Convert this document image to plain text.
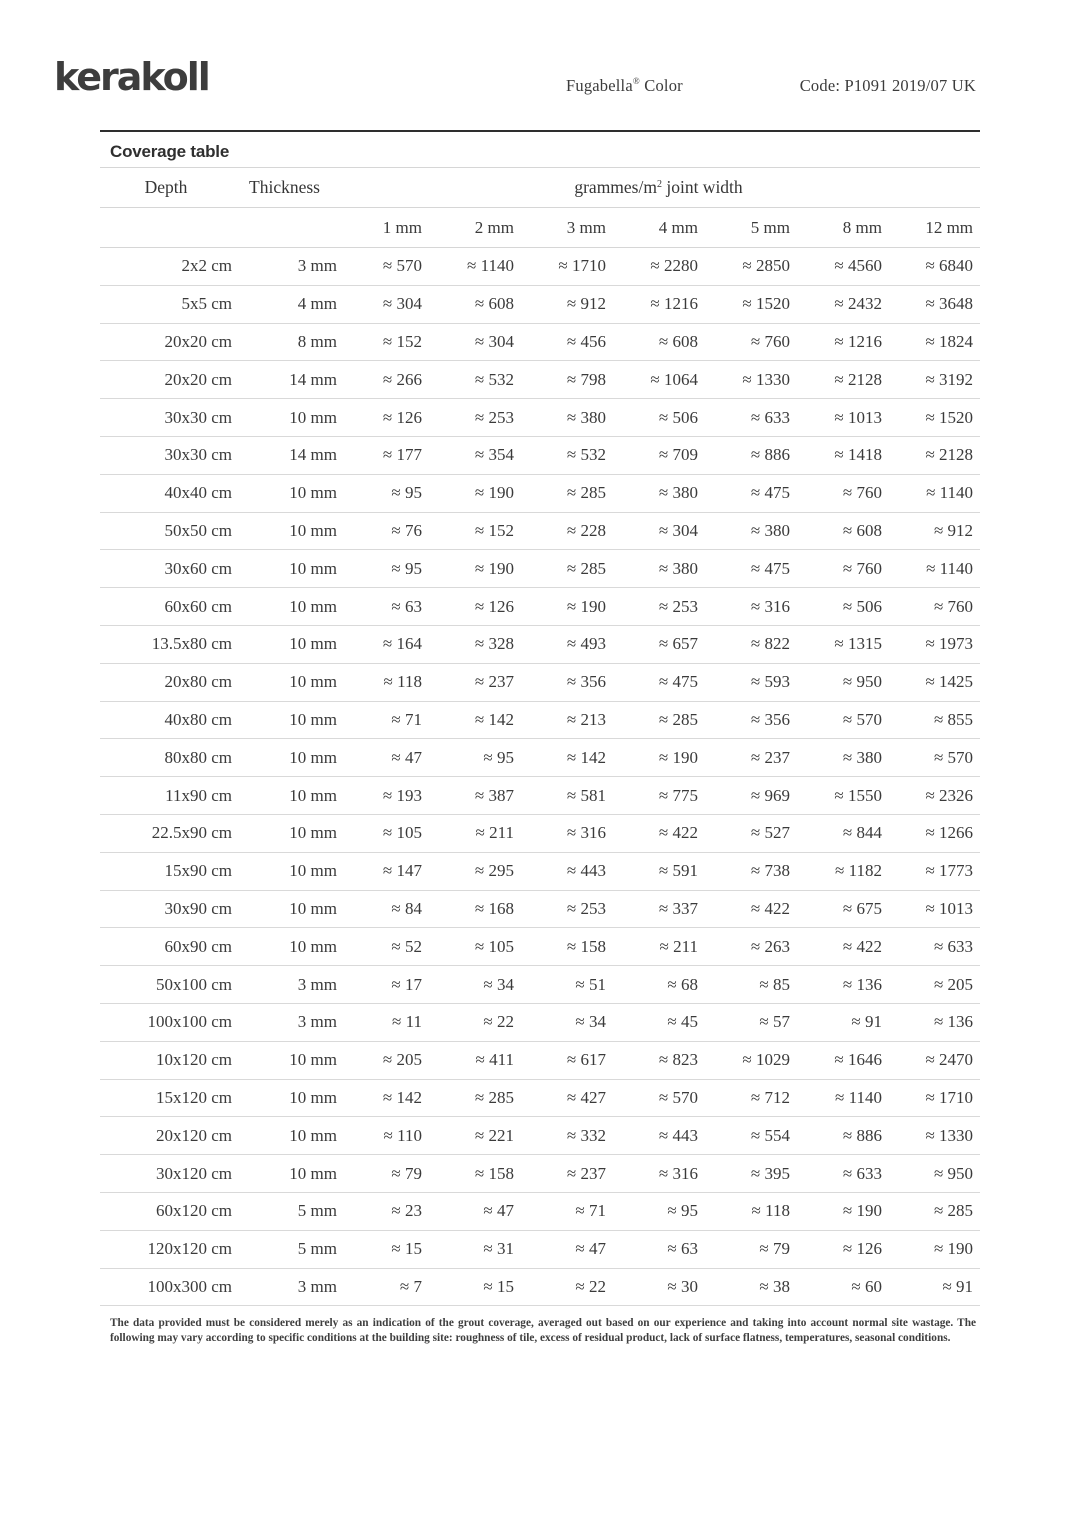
kerakoll	Fugabella® Color	Code: P1091 2019/07 UK
Coverage table
Depth	Thickness	grammes/$m^2$ joint width						
		1 mm	2 mm	3 mm	4 mm	5 mm	8 mm	12 mm
2x2 cm	3 mm	≈ 570	≈ 1140	≈ 1710	≈ 2280	≈ 2850	≈ 4560	≈ 6840
5x5 cm	4 mm	≈ 304	≈ 608	≈ 912	≈ 1216	≈ 1520	≈ 2432	≈ 3648
20x20 cm	8 mm	≈ 152	≈ 304	≈ 456	≈ 608	≈ 760	≈ 1216	≈ 1824
20x20 cm	14 mm	≈ 266	≈ 532	≈ 798	≈ 1064	≈ 1330	≈ 2128	≈ 3192
30x30 cm	10 mm	≈ 126	≈ 253	≈ 380	≈ 506	≈ 633	≈ 1013	≈ 1520
30x30 cm	14 mm	≈ 177	≈ 354	≈ 532	≈ 709	≈ 886	≈ 1418	≈ 2128
40x40 cm	10 mm	≈ 95	≈ 190	≈ 285	≈ 380	≈ 475	≈ 760	≈ 1140
50x50 cm	10 mm	≈ 76	≈ 152	≈ 228	≈ 304	≈ 380	≈ 608	≈ 912
30x60 cm	10 mm	≈ 95	≈ 190	≈ 285	≈ 380	≈ 475	≈ 760	≈ 1140
60x60 cm	10 mm	≈ 63	≈ 126	≈ 190	≈ 253	≈ 316	≈ 506	≈ 760
13.5x80 cm	10 mm	≈ 164	≈ 328	≈ 493	≈ 657	≈ 822	≈ 1315	≈ 1973
20x80 cm	10 mm	≈ 118	≈ 237	≈ 356	≈ 475	≈ 593	≈ 950	≈ 1425
40x80 cm	10 mm	≈ 71	≈ 142	≈ 213	≈ 285	≈ 356	≈ 570	≈ 855
80x80 cm	10 mm	≈ 47	≈ 95	≈ 142	≈ 190	≈ 237	≈ 380	≈ 570
11x90 cm	10 mm	≈ 193	≈ 387	≈ 581	≈ 775	≈ 969	≈ 1550	≈ 2326
22.5x90 cm	10 mm	≈ 105	≈ 211	≈ 316	≈ 422	≈ 527	≈ 844	≈ 1266
15x90 cm	10 mm	≈ 147	≈ 295	≈ 443	≈ 591	≈ 738	≈ 1182	≈ 1773
30x90 cm	10 mm	≈ 84	≈ 168	≈ 253	≈ 337	≈ 422	≈ 675	≈ 1013
60x90 cm	10 mm	≈ 52	≈ 105	≈ 158	≈ 211	≈ 263	≈ 422	≈ 633
50x100 cm	3 mm	≈ 17	≈ 34	≈ 51	≈ 68	≈ 85	≈ 136	≈ 205
100x100 cm	3 mm	≈ 11	≈ 22	≈ 34	≈ 45	≈ 57	≈ 91	≈ 136
10x120 cm	10 mm	≈ 205	≈ 411	≈ 617	≈ 823	≈ 1029	≈ 1646	≈ 2470
15x120 cm	10 mm	≈ 142	≈ 285	≈ 427	≈ 570	≈ 712	≈ 1140	≈ 1710
20x120 cm	10 mm	≈ 110	≈ 221	≈ 332	≈ 443	≈ 554	≈ 886	≈ 1330
30x120 cm	10 mm	≈ 79	≈ 158	≈ 237	≈ 316	≈ 395	≈ 633	≈ 950
60x120 cm	5 mm	≈ 23	≈ 47	≈ 71	≈ 95	≈ 118	≈ 190	≈ 285
120x120 cm	5 mm	≈ 15	≈ 31	≈ 47	≈ 63	≈ 79	≈ 126	≈ 190
100x300 cm	3 mm	≈ 7	≈ 15	≈ 22	≈ 30	≈ 38	≈ 60	≈ 91

The data provided must be considered merely as an indication of the grout coverage, averaged out based on our experience and taking into account normal site wastage. The following may vary according to specific conditions at the building site: roughness of tile, excess of residual product, lack of surface flatness, temperatures, seasonal conditions.
